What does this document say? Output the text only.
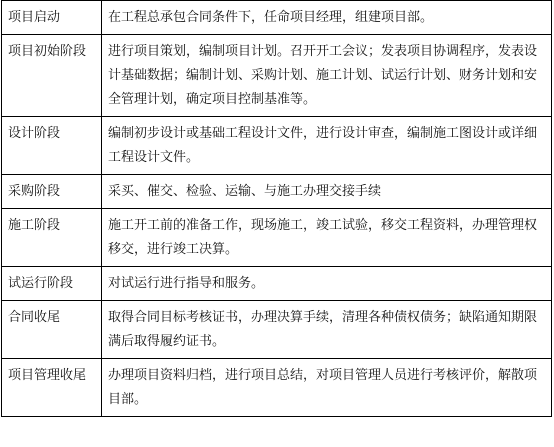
项目启动	在工程总承包合同条件下，任命项目经理，组建项目部。
项目初始阶段	进行项目策划，编制项目计划。召开开工会议；发表项目协调程序，发表设计基础数据；编制计划、采购计划、施工计划、试运行计划、财务计划和安全管理计划，确定项目控制基准等。
设计阶段	编制初步设计或基础工程设计文件，进行设计审查，编制施工图设计或详细工程设计文件。
采购阶段	采买、催交、检验、运输、与施工办理交接手续
施工阶段	施工开工前的准备工作，现场施工，竣工试验，移交工程资料，办理管理权移交，进行竣工决算。
试运行阶段	对试运行进行指导和服务。
合同收尾	取得合同目标考核证书，办理决算手续，清理各种债权债务；缺陷通知期限满后取得履约证书。
项目管理收尾	办理项目资料归档，进行项目总结，对项目管理人员进行考核评价，解散项目部。
